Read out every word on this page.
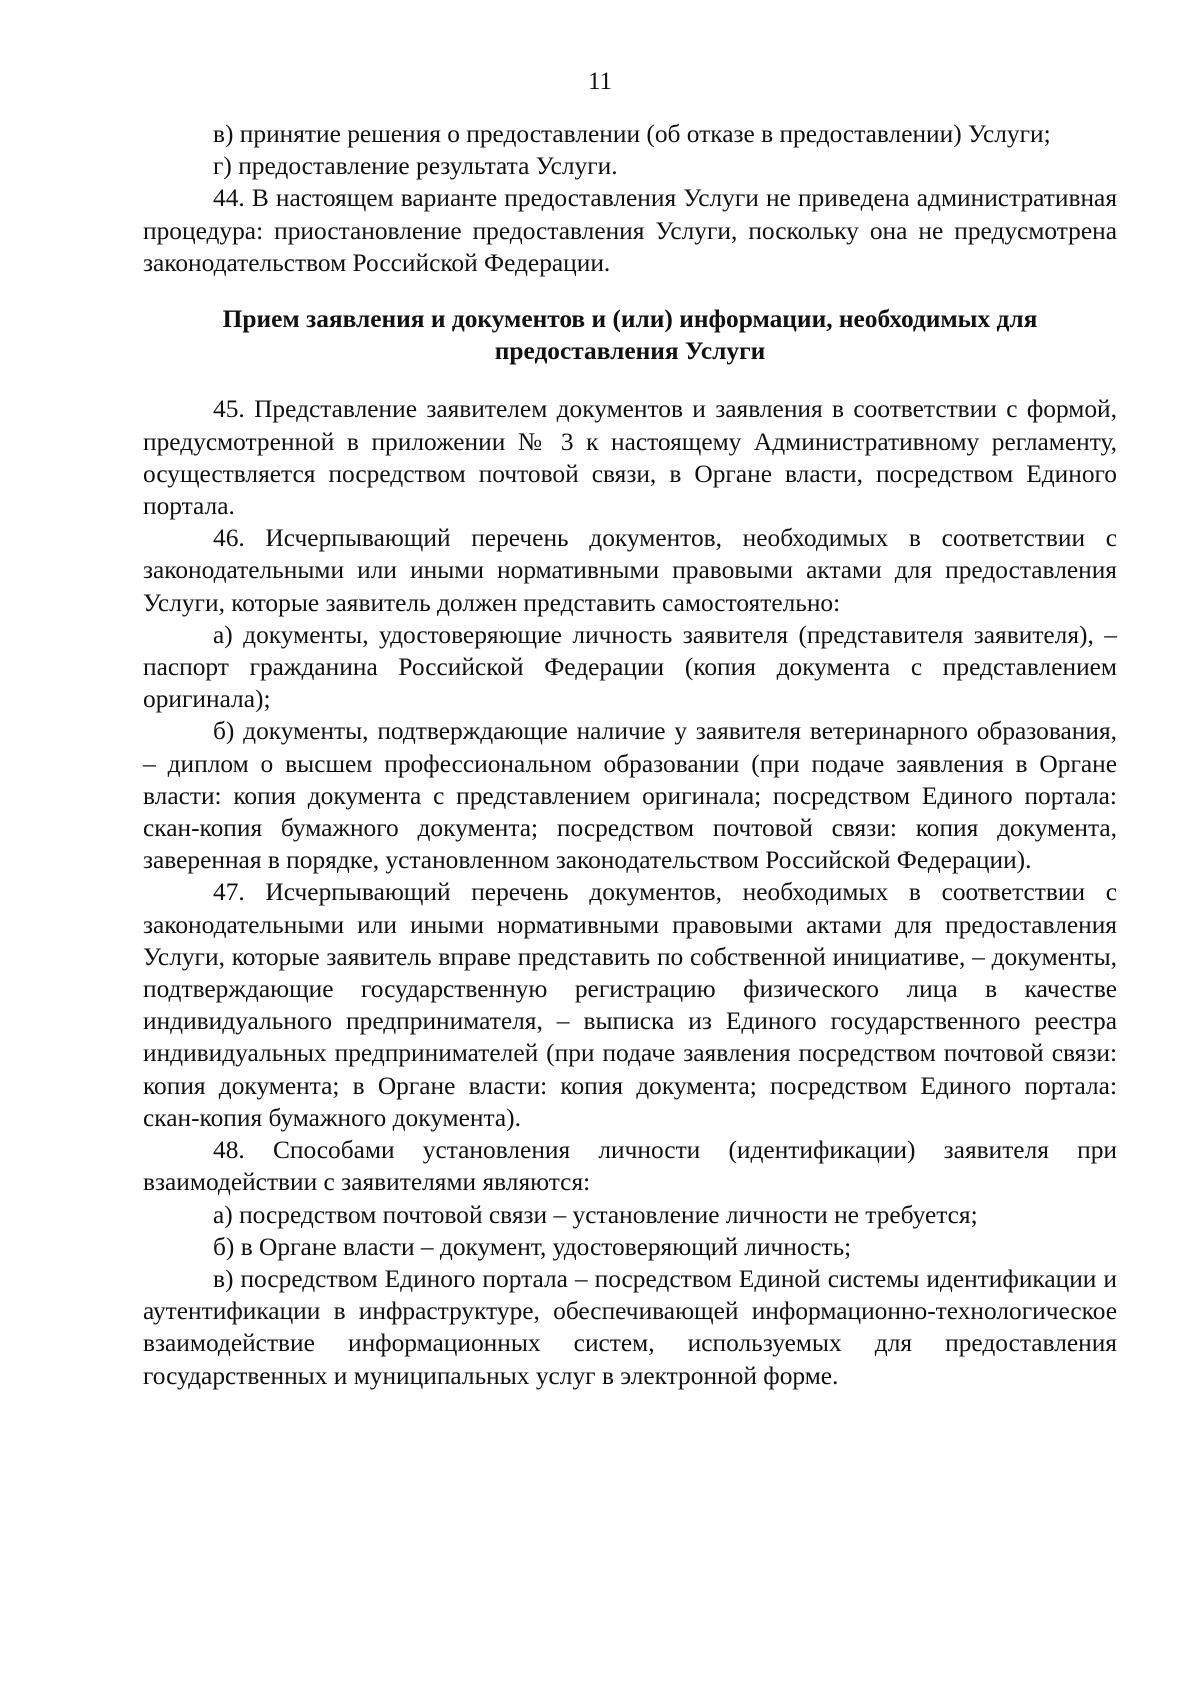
11

в) принятие решения о предоставлении (об отказе в предоставлении) Услуги;

г) предоставление результата Услуги.

44. В настоящем варианте предоставления Услуги не приведена административная процедура: приостановление предоставления Услуги, поскольку она не предусмотрена законодательством Российской Федерации.

Прием заявления и документов и (или) информации, необходимых для предоставления Услуги

45. Представление заявителем документов и заявления в соответствии с формой, предусмотренной в приложении № 3 к настоящему Административному регламенту, осуществляется посредством почтовой связи, в Органе власти, посредством Единого портала.

46. Исчерпывающий перечень документов, необходимых в соответствии с законодательными или иными нормативными правовыми актами для предоставления Услуги, которые заявитель должен представить самостоятельно:

а) документы, удостоверяющие личность заявителя (представителя заявителя), – паспорт гражданина Российской Федерации (копия документа с представлением оригинала);

б) документы, подтверждающие наличие у заявителя ветеринарного образования, – диплом о высшем профессиональном образовании (при подаче заявления в Органе власти: копия документа с представлением оригинала; посредством Единого портала: скан-копия бумажного документа; посредством почтовой связи: копия документа, заверенная в порядке, установленном законодательством Российской Федерации).

47. Исчерпывающий перечень документов, необходимых в соответствии с законодательными или иными нормативными правовыми актами для предоставления Услуги, которые заявитель вправе представить по собственной инициативе, – документы, подтверждающие государственную регистрацию физического лица в качестве индивидуального предпринимателя, – выписка из Единого государственного реестра индивидуальных предпринимателей (при подаче заявления посредством почтовой связи: копия документа; в Органе власти: копия документа; посредством Единого портала: скан-копия бумажного документа).

48. Способами установления личности (идентификации) заявителя при взаимодействии с заявителями являются:

а) посредством почтовой связи – установление личности не требуется;

б) в Органе власти – документ, удостоверяющий личность;

в) посредством Единого портала – посредством Единой системы идентификации и аутентификации в инфраструктуре, обеспечивающей информационно-технологическое взаимодействие информационных систем, используемых для предоставления государственных и муниципальных услуг в электронной форме.
